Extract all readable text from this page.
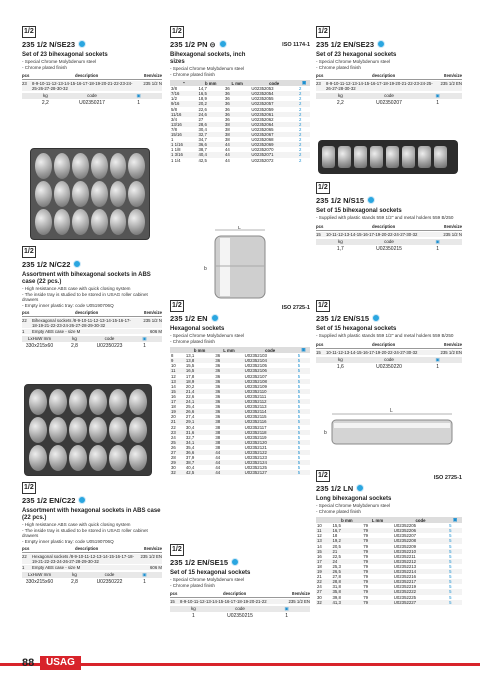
1/2
235 1/2 N/SE23
Set of 23 bihexagonal sockets
- Special Chrome Molybdenum steel
- Chrome plated finish
pcs	description	Item/size
23	8-9-10-11-12-13-14-15-16-17-18-19-20-21-22-23-24-25-26-27-28-30-32
235 1/2 N
kg	code	▣
2,2	U02350217	1
1/2
235 1/2 N/C22
Assortment with bihexagonal sockets in ABS case (22 pcs.)
- High resistance ABS case with quick closing system
- The inside tray is studied to be stored in USAG roller cabinet drawers
- Empty inner plastic tray: code U05190706Q
pcs	description	Item/size
22	Bihexagonal sockets /8-9-10-11-12-13-14-15-16-17-18-19-21-22-23-24-26-27-28-29-30-32
235 1/2 N
1	Empty ABS case - size M	606 M
LxHxW mm	kg	code	▣
330x215x60	2,8	U02350223	1
1/2
235 1/2 EN/C22
Assortment with hexagonal sockets in ABS case (22 pcs.)
- High resistance ABS case with quick closing system
- The inside tray is studied to be stored in USAG roller cabinet drawers
- Empty inner plastic tray: code U05190706Q
pcs	description	Item/size
22	Hexagonal sockets /8-9-10-11-12-13-14-15-16-17-18-19-21-22-23-24-26-27-28-29-30-32
235 1/2 EN
1	Empty ABS case - size M	606 M
LxHxW mm	kg	code	▣
330x215x60	2,8	U02350222	1
1/2
ISO 1174-1
235 1/2 PN ⊝
Bihexagonal sockets, inch sizes
- Special Chrome Molybdenum steel
- Chrome plated finish
"	b mm	L mm	code	▣
3/8	14,7	36	U02352053	2
7/16	16,5	36	U02352054	2
1/2	18,9	36	U02352055	2
9/16	20,2	36	U02352057	2
5/8	22,6	36	U02352059	2
11/16	24,6	36	U02352061	2
3/4	27	36	U02352062	2
13/16	28,6	38	U02352064	2
7/8	30,4	38	U02352065	2
15/16	32,7	38	U02352067	2
1	34,7	38	U02352068	2
1 1/16	36,6	44	U02352069	2
1 1/8	38,7	44	U02352070	2
1 3/16	40,4	44	U02352071	2
1 1/4	42,5	44	U02352072	2
L
b
1/2	ISO 2725-1
235 1/2 EN
Hexagonal sockets
- Special Chrome Molybdenum steel
- Chrome plated finish
	b mm	L mm	code	▣
8	13,1	36	U02352103	5
9	13,8	36	U02352104	5
10	15,5	36	U02352105	5
11	16,5	36	U02352106	5
12	17,8	36	U02352107	5
13	18,9	36	U02352108	5
14	20,2	36	U02352109	5
15	21,4	36	U02352110	5
16	22,6	36	U02352111	5
17	24,1	36	U02352112	5
18	25,4	36	U02352113	5
19	26,6	36	U02352114	5
20	27,4	36	U02352115	5
21	29,1	38	U02352116	5
22	30,4	38	U02352117	5
23	31,6	38	U02352118	5
24	32,7	38	U02352119	5
25	34,1	38	U02352120	5
26	35,4	38	U02352121	5
27	36,6	44	U02352122	5
28	37,9	44	U02352123	5
29	38,7	44	U02352124	5
30	40,4	44	U02352125	5
32	42,5	44	U02352127	5
1/2
235 1/2 EN/SE15
Set of 15 hexagonal sockets
- Special Chrome Molybdenum steel
- Chrome plated finish
pcs	description	Item/size
15	8-9-10-11-12-13-14-15-16-17-18-19-20-21-22	235 1/2 EN
kg	code	▣
1	U02350215	1
1/2
235 1/2 EN/SE23
Set of 23 hexagonal sockets
- Special Chrome Molybdenum steel
- Chrome plated finish
pcs	description	Item/size
23	8-9-10-11-12-13-14-15-16-17-18-19-20-21-22-23-24-25-26-27-28-30-32
235 1/2 EN
kg	code	▣
2,2	U02350207	1
1/2
235 1/2 N/S15
Set of 15 bihexagonal sockets
- Supplied with plastic stands 559 1/2" and metal holders 559 B/250
pcs	description	Item/size
15	10-11-12-13-14-15-16-17-19-20-22-24-27-30-32	235 1/2 N
kg	code	▣
1,7	U02350215	1
1/2
235 1/2 EN/S15
Set of 15 hexagonal sockets
- Supplied with plastic stands 559 1/2" and metal holders 559 B/250
pcs	description	Item/size
15	10-11-12-13-14-15-16-17-19-20-22-24-27-30-32	235 1/2 EN
kg	code	▣
1,6	U02350220	1
L
b
1/2	ISO 2725-1
235 1/2 LN
Long bihexagonal sockets
- Special Chrome Molybdenum steel
- Chrome plated finish
	b mm	L mm	code	▣
10	15,5	79	U02352205	5
11	16,7	79	U02352206	5
12	18	79	U02352207	5
13	19,2	79	U02352208	5
14	20,5	79	U02352209	5
15	21	79	U02352210	5
16	22,5	79	U02352211	5
17	24	79	U02352212	5
18	25,3	79	U02352213	5
19	26,5	79	U02352214	5
21	27,8	79	U02352216	5
22	28,8	79	U02352217	5
24	31,8	79	U02352219	5
27	35,8	79	U02352222	5
30	39,8	79	U02352225	5
32	41,3	79	U02352227	5
88	USAG
